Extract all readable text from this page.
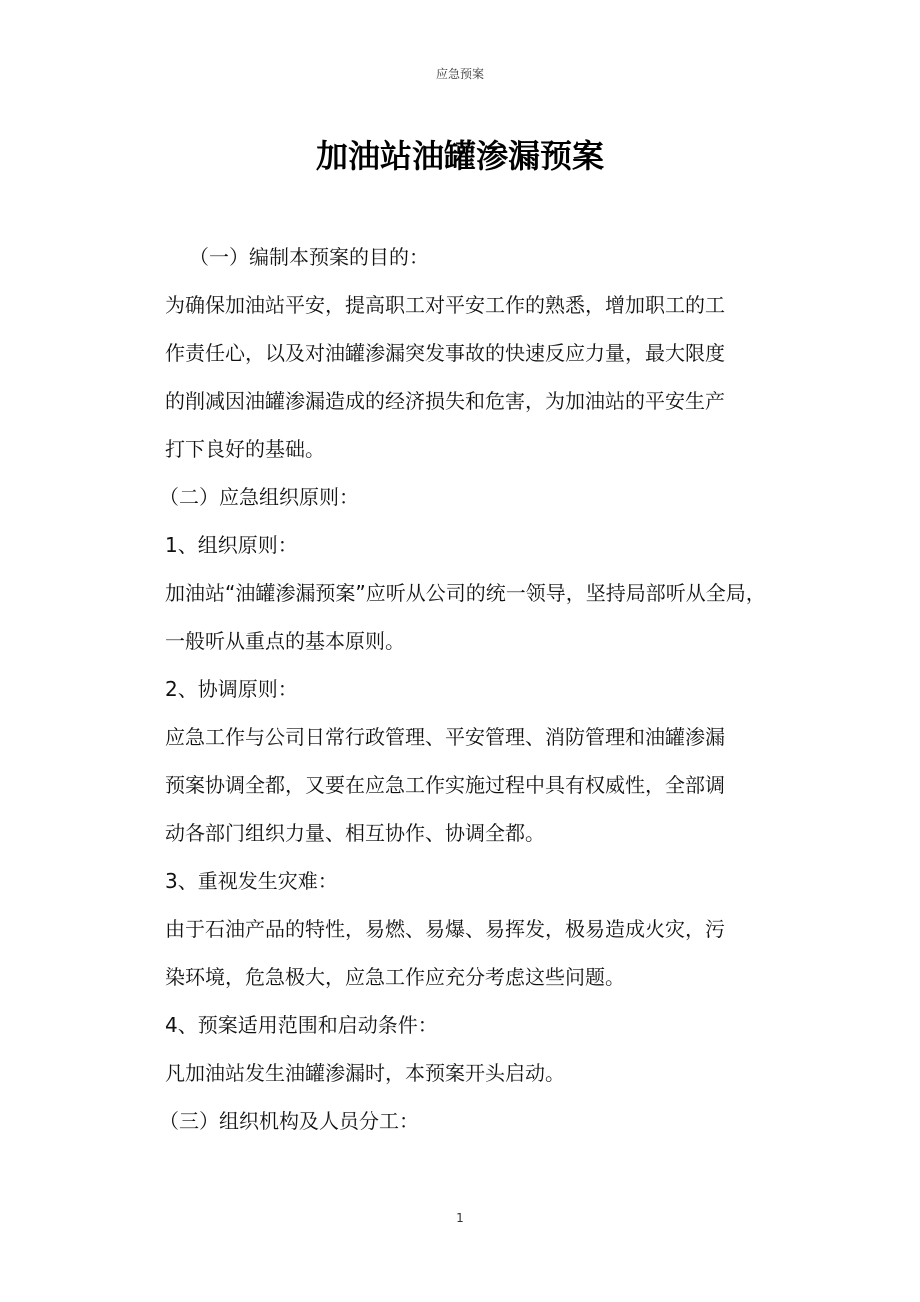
应急预案
加油站油罐渗漏预案
（一）编制本预案的目的：
为确保加油站平安，提高职工对平安工作的熟悉，增加职工的工
作责任心，以及对油罐渗漏突发事故的快速反应力量，最大限度
的削减因油罐渗漏造成的经济损失和危害，为加油站的平安生产
打下良好的基础。
（二）应急组织原则：
1、组织原则：
加油站“油罐渗漏预案”应听从公司的统一领导，坚持局部听从全局，
一般听从重点的基本原则。
2、协调原则：
应急工作与公司日常行政管理、平安管理、消防管理和油罐渗漏
预案协调全都，又要在应急工作实施过程中具有权威性，全部调
动各部门组织力量、相互协作、协调全都。
3、重视发生灾难：
由于石油产品的特性，易燃、易爆、易挥发，极易造成火灾，污
染环境，危急极大，应急工作应充分考虑这些问题。
4、预案适用范围和启动条件：
凡加油站发生油罐渗漏时，本预案开头启动。
（三）组织机构及人员分工：
1
